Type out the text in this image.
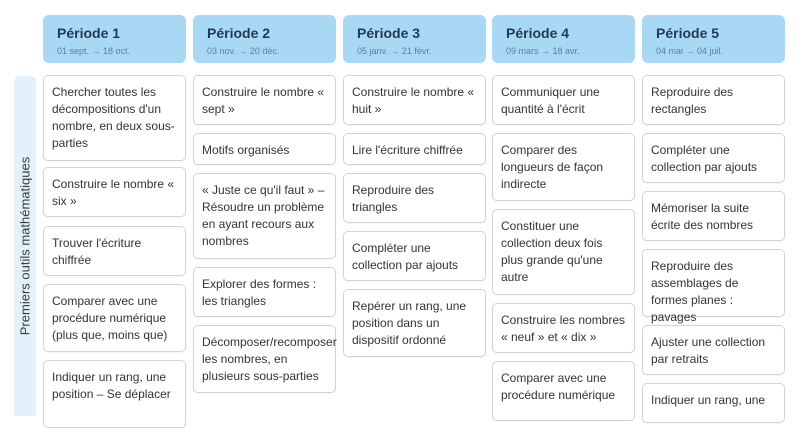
Premiers outils mathématiques
Période 1
01 sept. → 18 oct.
Chercher toutes les décompositions d'un nombre, en deux sous-parties
Construire le nombre « six »
Trouver l'écriture chiffrée
Comparer avec une procédure numérique (plus que, moins que)
Indiquer un rang, une position – Se déplacer
Période 2
03 nov. → 20 déc.
Construire le nombre « sept »
Motifs organisés
« Juste ce qu'il faut » – Résoudre un problème en ayant recours aux nombres
Explorer des formes : les triangles
Décomposer/recomposer les nombres, en plusieurs sous-parties
Période 3
05 janv. → 21 févr.
Construire le nombre « huit »
Lire l'écriture chiffrée
Reproduire des triangles
Compléter une collection par ajouts
Repérer un rang, une position dans un dispositif ordonné
Période 4
09 mars → 18 avr.
Communiquer une quantité à l'écrit
Comparer des longueurs de façon indirecte
Constituer une collection deux fois plus grande qu'une autre
Construire les nombres « neuf » et « dix »
Comparer avec une procédure numérique
Période 5
04 mai → 04 juil.
Reproduire des rectangles
Compléter une collection par ajouts
Mémoriser la suite écrite des nombres
Reproduire des assemblages de formes planes : pavages
Ajuster une collection par retraits
Indiquer un rang, une
